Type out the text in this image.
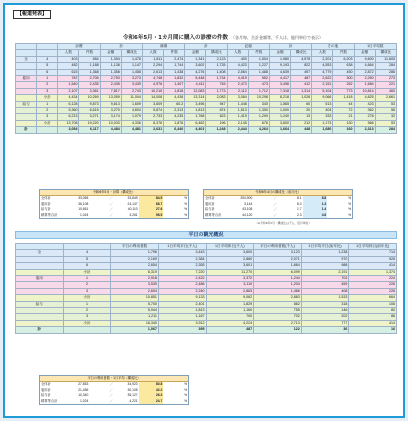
【報道発表】
令和6年5月・1カ月間に購入の診療の件数 （各月毎、合計金額等、千人は、億円単位で表示）
		診療		計		補填		計		記録		計		その他		1日平均数	
		人数	件数	金額	構成比	人数	件数	金額	構成比	人数	件数	金額	構成比	人数	件数	金額	構成比
全	4	403	584	1,394	1,478	1,811	2,474	1,341	2,123	400	1,504	1,980	4,578	2,201	6,203	9,600	11,605
	5	482	1,188	1,138	1,147	2,294	1,744	3,602	1,735	4,423	1,227	9,193	822	4,553	638	4,664	284
	6	615	1,368	1,358	1,458	2,613	1,438	4,276	1,408	2,564	1,488	4,639	497	4,779	450	2,872	286
雇用	1	787	2,705	2,753	3,273	4,748	1,832	5,448	1,734	4,419	552	4,417	487	2,622	300	2,250	273
	2	1,540	2,435	2,435	3,439	4,976	1,407	4,411	745	2,473	473	3,496	412	2,151	262	1,684	221
	3	2,107	3,361	7,817	2,743	10,216	1,818	12,083	1,773	2,112	1,712	7,318	1,314	5,104	773	10,814	460
	小計	4,434	10,269	13,059	11,004	14,008	4,438	13,314	2,083	3,084	10,298	8,218	1,026	9,066	1,418	4,825	2,661
給与	1	6,128	9,873	9,813	1,609	3,609	60.2	3,496	947	1,448	340	1,565	60	513	44	423	53
	2	5,360	6,615	3,270	4,604	5,874	2,313	1,813	874	1,513	1,300	1,000	20	404	72	362	56
	3	6,213	3,271	3,174	1,079	2,733	4,235	1,768	623	1,419	1,209	1,240	13	333	21	278	32
	小計	13,708	19,220	10,033	4,336	8,376	1,876	6,462	196	2,145	676	3,600	212	1,173	130	966	53
計		3,054	6,117	4,484	4,481	2,631	6,440	4,401	1,248	2,444	4,264	1,664	448	1,680	160	2,313	284
令和6年5月・計算（構成比）
全体計	33,065	／	33,849	84.5	%
雇用計	36,108	／	24,147	68.7	%
給与計	10,651	／	40,110	27.6	%
精算等合計	1,024	／	3,261	98.5	%
令和6年4月の構成比（前月比）
全体計	254,900	／	8.1	8.8	%
雇用計	3,144	／	8.0	1.3	%
給与計	43,108	／	1.7	1.4	%
精算等合計	44,120	／	2.3	4.6	%
（※令和6年5月・構成比は千人、億円単位）
平日の観光概況
		平日の利用者数	1日平均平日(千人)	1日平均休日(千人)	平日の利用者数(千人)	1日平均平日(前年比)	1日平均休日(前年比)
全	4	1,796	3,443	3,600	3,123	1,238	714
	5	2,169	2,384	2,860	2,071	970	926
	6	2,654	2,355	3,601	1,664	988	414
	小計	6,319	7,220	11,270	6,099	2,191	1,374
雇用	1	2,918	2,422	3,372	1,244	702	224
	2	3,539	2,486	3,110	1,204	459	226
	3	2,604	2,240	2,863	1,466	408	226
	小計	10,851	9,133	9,062	2,883	1,533	664
給与	1	5,700	2,401	1,829	862	318	106
	2	5,944	1,813	1,160	755	146	80
	3	1,211	1,167	700	702	202	86
	小計	18,340	3,912	4,224	2,713	777	414
計		1,067	395	487	122	36	16
平日の利用者数・1日平均（構成比）
全体計	27,853	／	34,923	80.8	%
雇用計	21,456	／	30,105	42.2	%
給与計	10,340	／	35,127	26.3	%
精算等合計	1,024	／	4,221	24.7	%
